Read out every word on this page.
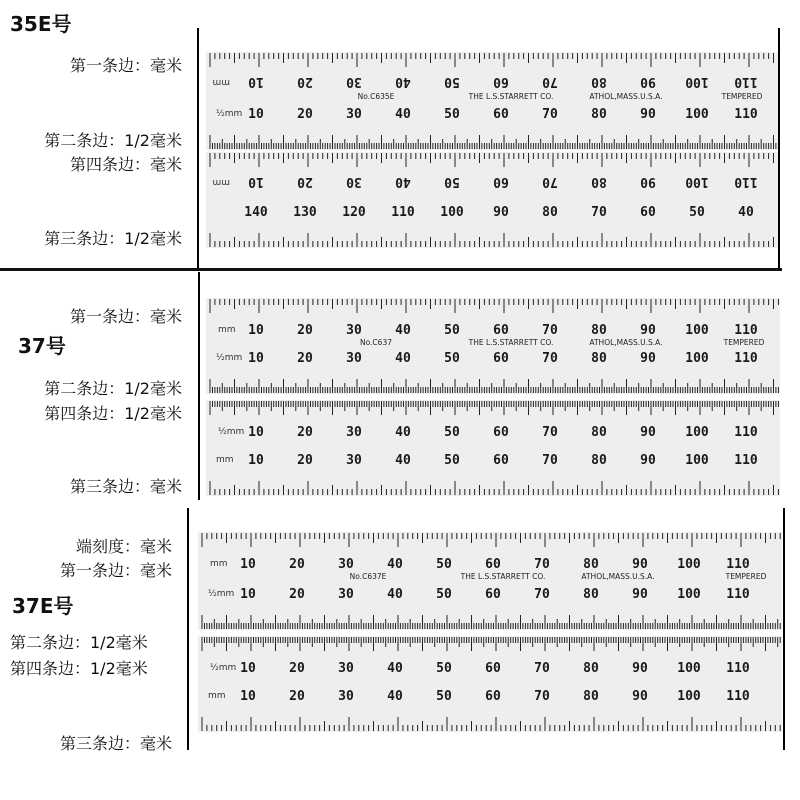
35E号
第一条边：毫米
第二条边：1/2毫米
第四条边：毫米
第三条边：1/2毫米
10	20	30	40	50	60	70	80	90 100 110
10	20	30	40	50	60	70	80	90 100 110
mm
½mm
No.C635E	THE L.S.STARRETT CO.	ATHOL,MASS.U.S.A.	TEMPERED
10	20	30	40	50	60	70	80	90 100 110
140 130 120 110 100 90	80	70	60	50	40
mm
第一条边：毫米
37号
第二条边：1/2毫米
第四条边：1/2毫米
第三条边：毫米
10	20	30	40	50	60	70	80	90 100 110
10	20	30	40	50	60	70	80	90 100 110
mm
½mm
No.C637	THE L.S.STARRETT CO.	ATHOL,MASS.U.S.A.	TEMPERED
10	20	30	40	50	60	70	80	90 100 110
10	20	30	40	50	60	70	80	90 100 110
½mm
mm
端刻度：毫米
第一条边：毫米
37E号
第二条边：1/2毫米
第四条边：1/2毫米
第三条边：毫米
10	20	30	40	50	60	70	80	90 100 110
10	20	30	40	50	60	70	80	90 100 110
mm
½mm
No.C637E	THE L.S.STARRETT CO.	ATHOL,MASS.U.S.A.	TEMPERED
10	20	30	40	50	60	70	80	90 100 110
10	20	30	40	50	60	70	80	90 100 110
½mm
mm
